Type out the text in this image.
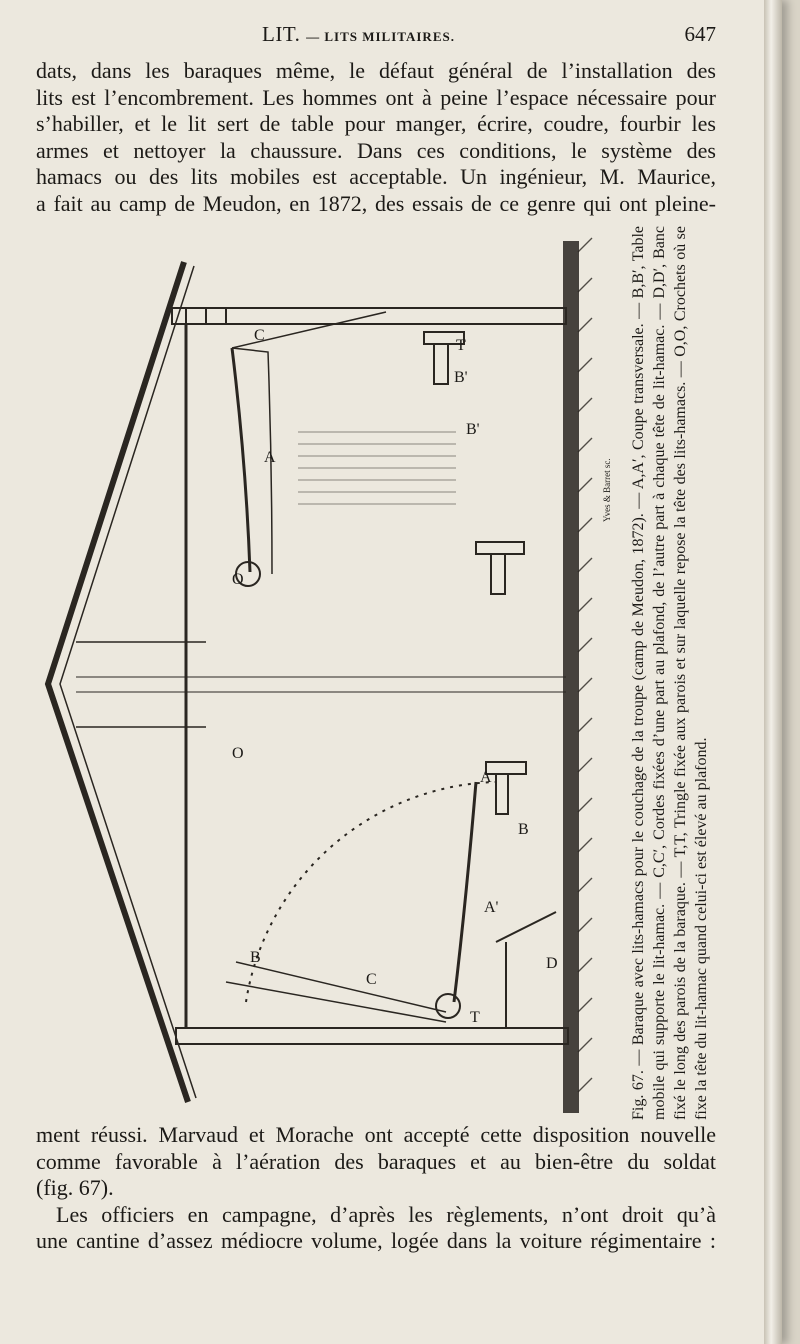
LIT. — LITS MILITAIRES.	647
dats, dans les baraques même, le défaut général de l’installation des
lits est l’encombrement. Les hommes ont à peine l’espace nécessaire pour
s’habiller, et le lit sert de table pour manger, écrire, coudre, fourbir les
armes et nettoyer la chaussure. Dans ces conditions, le système des
hamacs ou des lits mobiles est acceptable. Un ingénieur, M. Maurice,
a fait au camp de Meudon, en 1872, des essais de ce genre qui ont pleine-
C
A
O
O
T
B'
B'
A
B
A'
B
C
D
T
Yves & Barret sc. Fig. 67. — Baraque avec lits-hamacs pour le couchage de la troupe (camp de Meudon, 1872). — A,A′, Coupe transversale. — B,B′, Table mobile qui supporte le lit-hamac. — C,C′, Cordes fixées d’une part au plafond, de l’autre part à chaque tête de lit-hamac. — D,D′, Banc fixé le long des parois de la baraque. — T,T, Tringle fixée aux parois et sur laquelle repose la tête des lits-hamacs. — O,O, Crochets où se fixe la tête du lit-hamac quand celui-ci est élevé au plafond.
ment réussi. Marvaud et Morache ont accepté cette disposition nouvelle
comme favorable à l’aération des baraques et au bien-être du soldat
(fig. 67).
Les officiers en campagne, d’après les règlements, n’ont droit qu’à
une cantine d’assez médiocre volume, logée dans la voiture régimentaire :
